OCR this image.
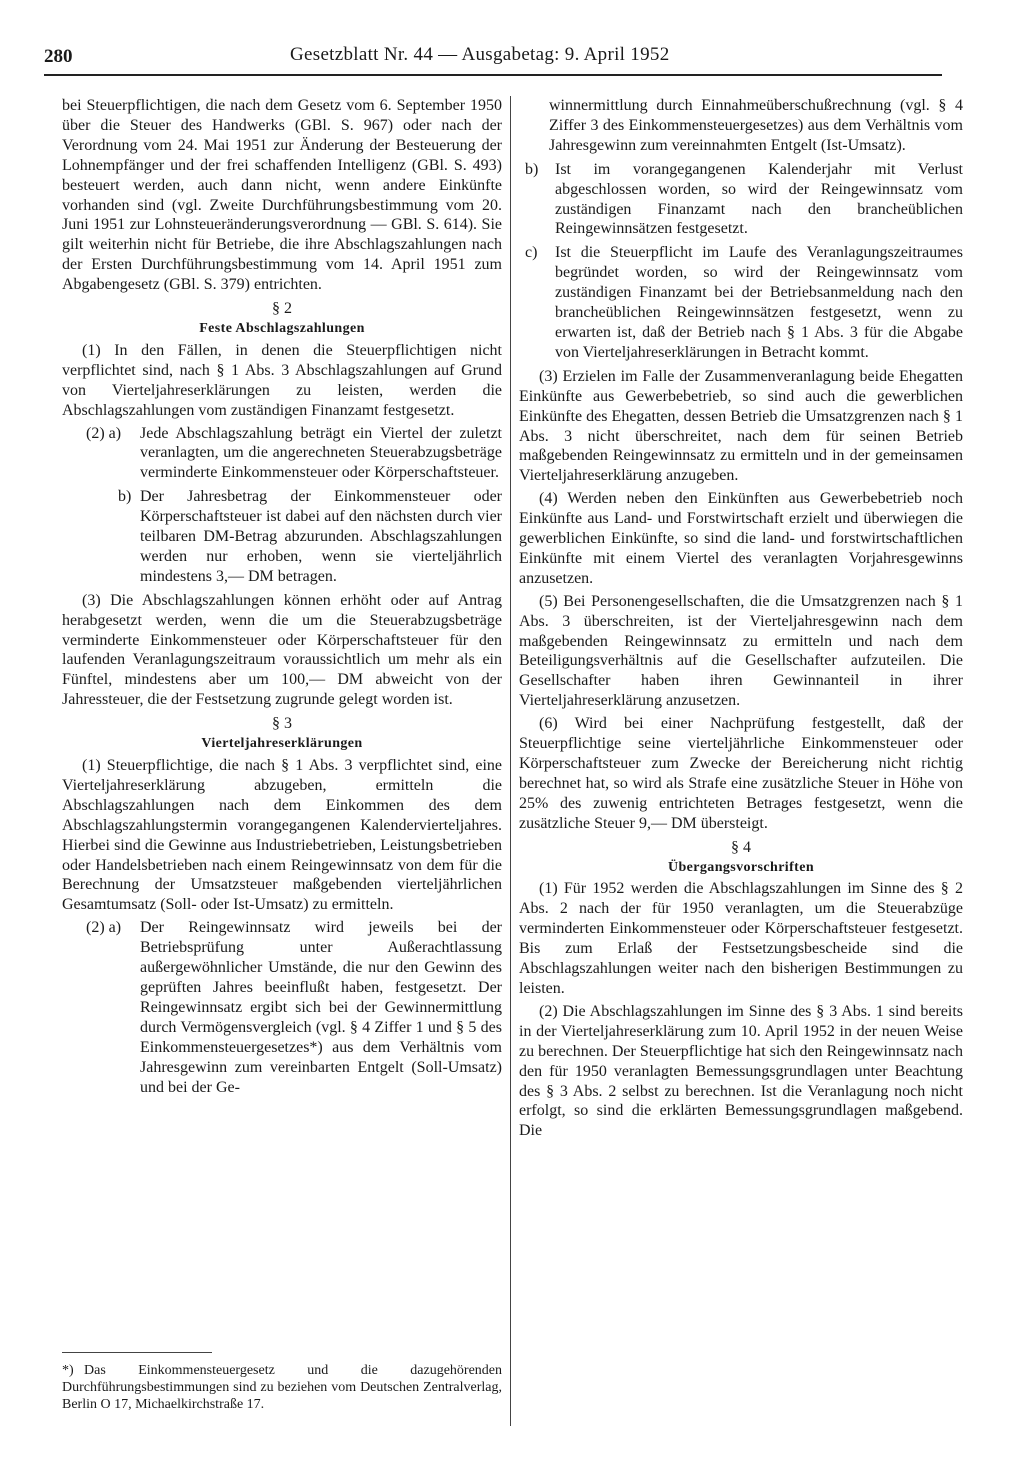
280	Gesetzblatt Nr. 44 — Ausgabetag: 9. April 1952

bei Steuerpflichtigen, die nach dem Gesetz vom 6. September 1950 über die Steuer des Handwerks (GBl. S. 967) oder nach der Verordnung vom 24. Mai 1951 zur Änderung der Besteuerung der Lohnempfänger und der frei schaffenden Intelligenz (GBl. S. 493) besteuert werden, auch dann nicht, wenn andere Einkünfte vorhanden sind (vgl. Zweite Durchführungsbestimmung vom 20. Juni 1951 zur Lohnsteueränderungsverordnung — GBl. S. 614). Sie gilt weiterhin nicht für Betriebe, die ihre Abschlagszahlungen nach der Ersten Durchführungsbestimmung vom 14. April 1951 zum Abgabengesetz (GBl. S. 379) entrichten.

§ 2
Feste Abschlagszahlungen

(1) In den Fällen, in denen die Steuerpflichtigen nicht verpflichtet sind, nach § 1 Abs. 3 Abschlagszahlungen auf Grund von Vierteljahreserklärungen zu leisten, werden die Abschlagszahlungen vom zuständigen Finanzamt festgesetzt.

(2) a)	Jede Abschlagszahlung beträgt ein Viertel der zuletzt veranlagten, um die angerechneten Steuerabzugsbeträge verminderte Einkommensteuer oder Körperschaftsteuer.
b) Der Jahresbetrag der Einkommensteuer oder Körperschaftsteuer ist dabei auf den nächsten durch vier teilbaren DM-Betrag abzurunden. Abschlagszahlungen werden nur erhoben, wenn sie vierteljährlich mindestens 3,— DM betragen.

(3) Die Abschlagszahlungen können erhöht oder auf Antrag herabgesetzt werden, wenn die um die Steuerabzugsbeträge verminderte Einkommensteuer oder Körperschaftsteuer für den laufenden Veranlagungszeitraum voraussichtlich um mehr als ein Fünftel, mindestens aber um 100,— DM abweicht von der Jahressteuer, die der Festsetzung zugrunde gelegt worden ist.

§ 3
Vierteljahreserklärungen

(1) Steuerpflichtige, die nach § 1 Abs. 3 verpflichtet sind, eine Vierteljahreserklärung abzugeben, ermitteln die Abschlagszahlungen nach dem Einkommen des dem Abschlagszahlungstermin vorangegangenen Kalendervierteljahres. Hierbei sind die Gewinne aus Industriebetrieben, Leistungsbetrieben oder Handelsbetrieben nach einem Reingewinnsatz von dem für die Berechnung der Umsatzsteuer maßgebenden vierteljährlichen Gesamtumsatz (Soll- oder Ist-Umsatz) zu ermitteln.

(2) a)	Der Reingewinnsatz wird jeweils bei der Betriebsprüfung unter Außerachtlassung außergewöhnlicher Umstände, die nur den Gewinn des geprüften Jahres beeinflußt haben, festgesetzt. Der Reingewinnsatz ergibt sich bei der Gewinnermittlung durch Vermögensvergleich (vgl. § 4 Ziffer 1 und § 5 des Einkommensteuergesetzes*) aus dem Verhältnis vom Jahresgewinn zum vereinbarten Entgelt (Soll-Umsatz) und bei der Ge-
*) Das Einkommensteuergesetz und die dazugehörenden Durchführungsbestimmungen sind zu beziehen vom Deutschen Zentralverlag, Berlin O 17, Michaelkirchstraße 17.

winnermittlung durch Einnahmeüberschußrechnung (vgl. § 4 Ziffer 3 des Einkommensteuergesetzes) aus dem Verhältnis vom Jahresgewinn zum vereinnahmten Entgelt (Ist-Umsatz).

b)	Ist im vorangegangenen Kalenderjahr mit Verlust abgeschlossen worden, so wird der Reingewinnsatz vom zuständigen Finanzamt nach den brancheüblichen Reingewinnsätzen festgesetzt.
c)	Ist die Steuerpflicht im Laufe des Veranlagungszeitraumes begründet worden, so wird der Reingewinnsatz vom zuständigen Finanzamt bei der Betriebsanmeldung nach den brancheüblichen Reingewinnsätzen festgesetzt, wenn zu erwarten ist, daß der Betrieb nach § 1 Abs. 3 für die Abgabe von Vierteljahreserklärungen in Betracht kommt.

(3) Erzielen im Falle der Zusammenveranlagung beide Ehegatten Einkünfte aus Gewerbebetrieb, so sind auch die gewerblichen Einkünfte des Ehegatten, dessen Betrieb die Umsatzgrenzen nach § 1 Abs. 3 nicht überschreitet, nach dem für seinen Betrieb maßgebenden Reingewinnsatz zu ermitteln und in der gemeinsamen Vierteljahreserklärung anzugeben.

(4) Werden neben den Einkünften aus Gewerbebetrieb noch Einkünfte aus Land- und Forstwirtschaft erzielt und überwiegen die gewerblichen Einkünfte, so sind die land- und forstwirtschaftlichen Einkünfte mit einem Viertel des veranlagten Vorjahresgewinns anzusetzen.

(5) Bei Personengesellschaften, die die Umsatzgrenzen nach § 1 Abs. 3 überschreiten, ist der Vierteljahresgewinn nach dem maßgebenden Reingewinnsatz zu ermitteln und nach dem Beteiligungsverhältnis auf die Gesellschafter aufzuteilen. Die Gesellschafter haben ihren Gewinnanteil in ihrer Vierteljahreserklärung anzusetzen.

(6) Wird bei einer Nachprüfung festgestellt, daß der Steuerpflichtige seine vierteljährliche Einkommensteuer oder Körperschaftsteuer zum Zwecke der Bereicherung nicht richtig berechnet hat, so wird als Strafe eine zusätzliche Steuer in Höhe von 25% des zuwenig entrichteten Betrages festgesetzt, wenn die zusätzliche Steuer 9,— DM übersteigt.

§ 4
Übergangsvorschriften

(1) Für 1952 werden die Abschlagszahlungen im Sinne des § 2 Abs. 2 nach der für 1950 veranlagten, um die Steuerabzüge verminderten Einkommensteuer oder Körperschaftsteuer festgesetzt. Bis zum Erlaß der Festsetzungsbescheide sind die Abschlagszahlungen weiter nach den bisherigen Bestimmungen zu leisten.

(2) Die Abschlagszahlungen im Sinne des § 3 Abs. 1 sind bereits in der Vierteljahreserklärung zum 10. April 1952 in der neuen Weise zu berechnen. Der Steuerpflichtige hat sich den Reingewinnsatz nach den für 1950 veranlagten Bemessungsgrundlagen unter Beachtung des § 3 Abs. 2 selbst zu berechnen. Ist die Veranlagung noch nicht erfolgt, so sind die erklärten Bemessungsgrundlagen maßgebend. Die
